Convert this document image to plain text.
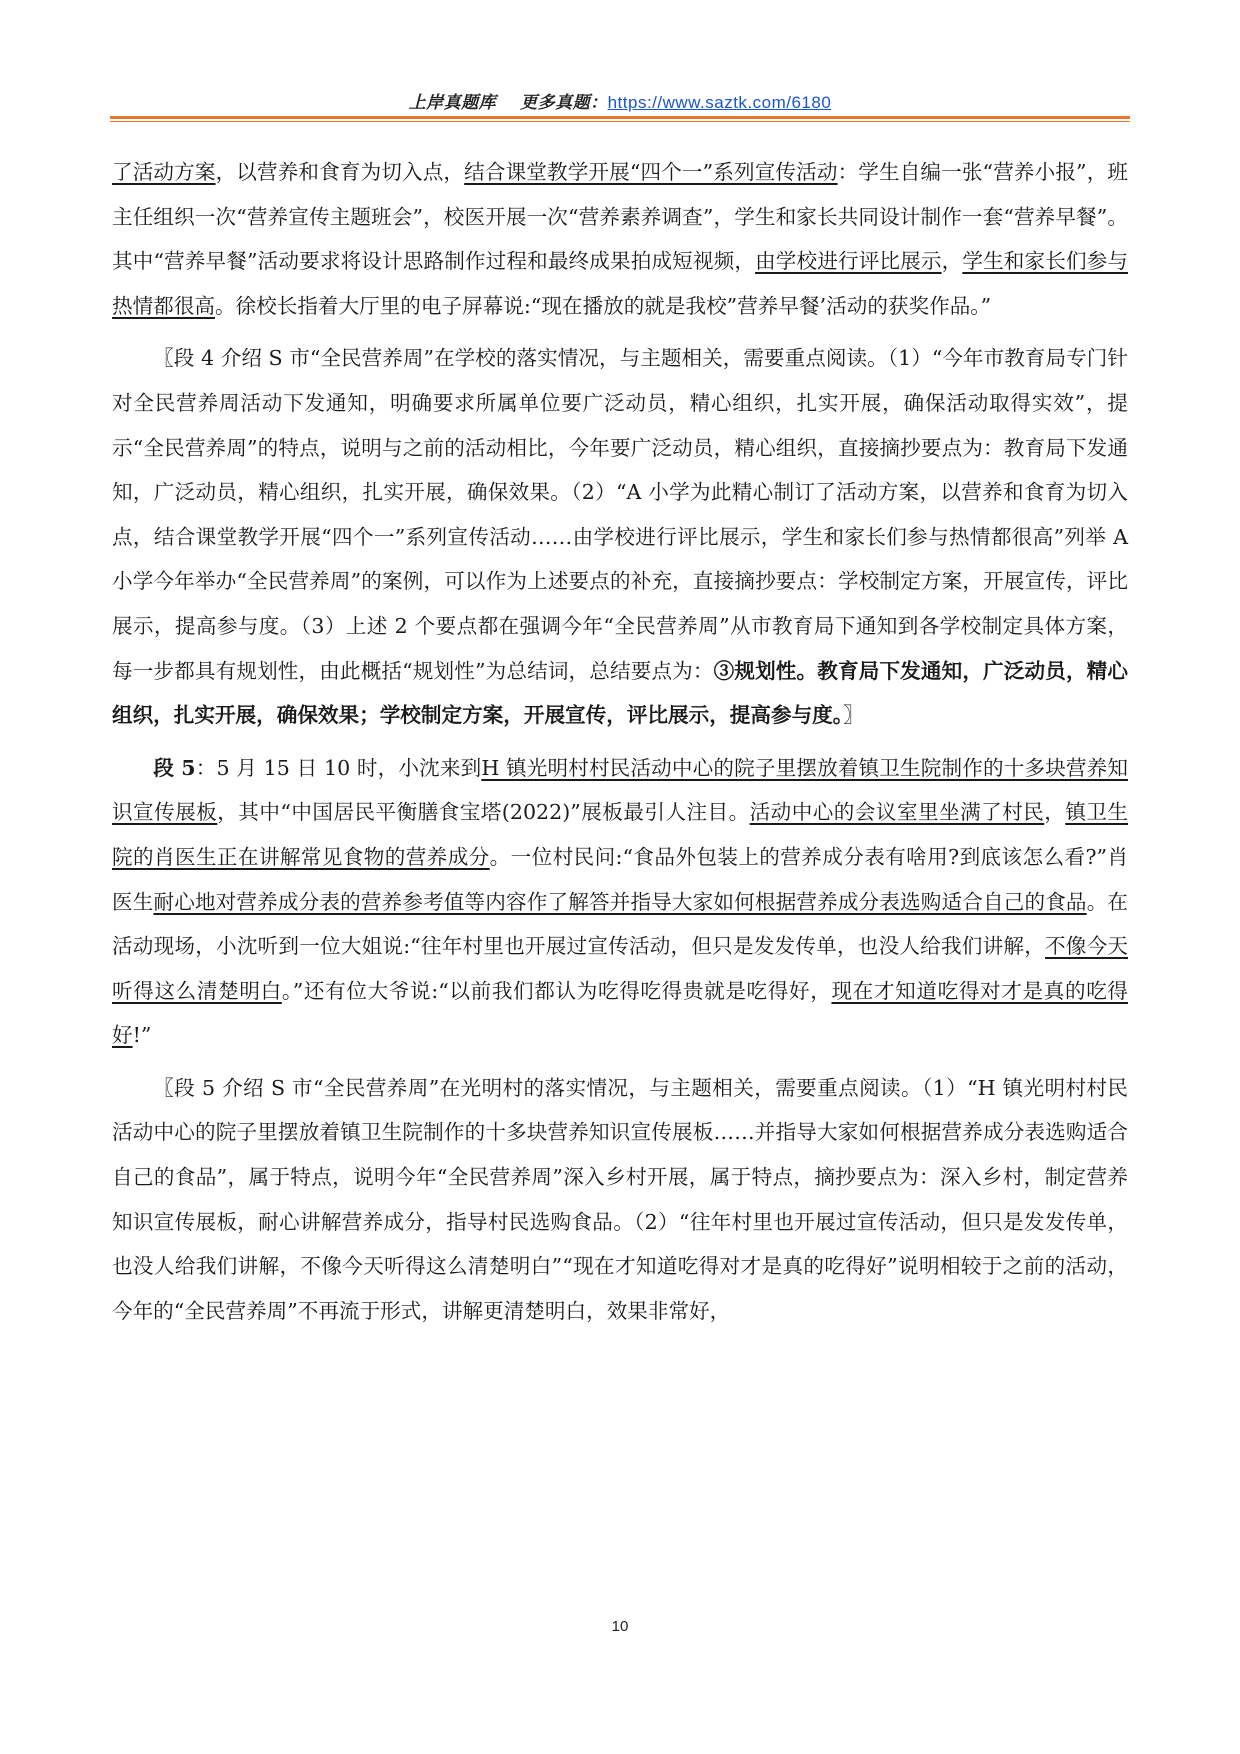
上岸真题库 更多真题：https://www.saztk.com/6180

了活动方案，以营养和食育为切入点，结合课堂教学开展“四个一”系列宣传活动：学生自编一张“营养小报”，班主任组织一次“营养宣传主题班会”，校医开展一次“营养素养调查”，学生和家长共同设计制作一套“营养早餐”。其中“营养早餐”活动要求将设计思路制作过程和最终成果拍成短视频，由学校进行评比展示，学生和家长们参与热情都很高。徐校长指着大厅里的电子屏幕说:“现在播放的就是我校”营养早餐’活动的获奖作品。”

〖段 4 介绍 S 市“全民营养周”在学校的落实情况，与主题相关，需要重点阅读。（1）“今年市教育局专门针对全民营养周活动下发通知，明确要求所属单位要广泛动员，精心组织，扎实开展，确保活动取得实效”，提示“全民营养周”的特点，说明与之前的活动相比，今年要广泛动员，精心组织，直接摘抄要点为：教育局下发通知，广泛动员，精心组织，扎实开展，确保效果。（2）“A 小学为此精心制订了活动方案，以营养和食育为切入点，结合课堂教学开展“四个一”系列宣传活动……由学校进行评比展示，学生和家长们参与热情都很高”列举 A 小学今年举办“全民营养周”的案例，可以作为上述要点的补充，直接摘抄要点：学校制定方案，开展宣传，评比展示，提高参与度。（3）上述 2 个要点都在强调今年“全民营养周”从市教育局下通知到各学校制定具体方案，每一步都具有规划性，由此概括“规划性”为总结词，总结要点为：③规划性。教育局下发通知，广泛动员，精心组织，扎实开展，确保效果；学校制定方案，开展宣传，评比展示，提高参与度。〗

段 5：5 月 15 日 10 时，小沈来到H 镇光明村村民活动中心的院子里摆放着镇卫生院制作的十多块营养知识宣传展板，其中“中国居民平衡膳食宝塔(2022)”展板最引人注目。活动中心的会议室里坐满了村民，镇卫生院的肖医生正在讲解常见食物的营养成分。一位村民问:“食品外包装上的营养成分表有啥用?到底该怎么看?”肖医生耐心地对营养成分表的营养参考值等内容作了解答并指导大家如何根据营养成分表选购适合自己的食品。在活动现场，小沈听到一位大姐说:“往年村里也开展过宣传活动，但只是发发传单，也没人给我们讲解，不像今天听得这么清楚明白。”还有位大爷说:“以前我们都认为吃得吃得贵就是吃得好，现在才知道吃得对才是真的吃得好!”

〖段 5 介绍 S 市“全民营养周”在光明村的落实情况，与主题相关，需要重点阅读。（1）“H 镇光明村村民活动中心的院子里摆放着镇卫生院制作的十多块营养知识宣传展板……并指导大家如何根据营养成分表选购适合自己的食品”，属于特点，说明今年“全民营养周”深入乡村开展，属于特点，摘抄要点为：深入乡村，制定营养知识宣传展板，耐心讲解营养成分，指导村民选购食品。（2）“往年村里也开展过宣传活动，但只是发发传单，也没人给我们讲解，不像今天听得这么清楚明白”“现在才知道吃得对才是真的吃得好”说明相较于之前的活动，今年的“全民营养周”不再流于形式，讲解更清楚明白，效果非常好，

10
